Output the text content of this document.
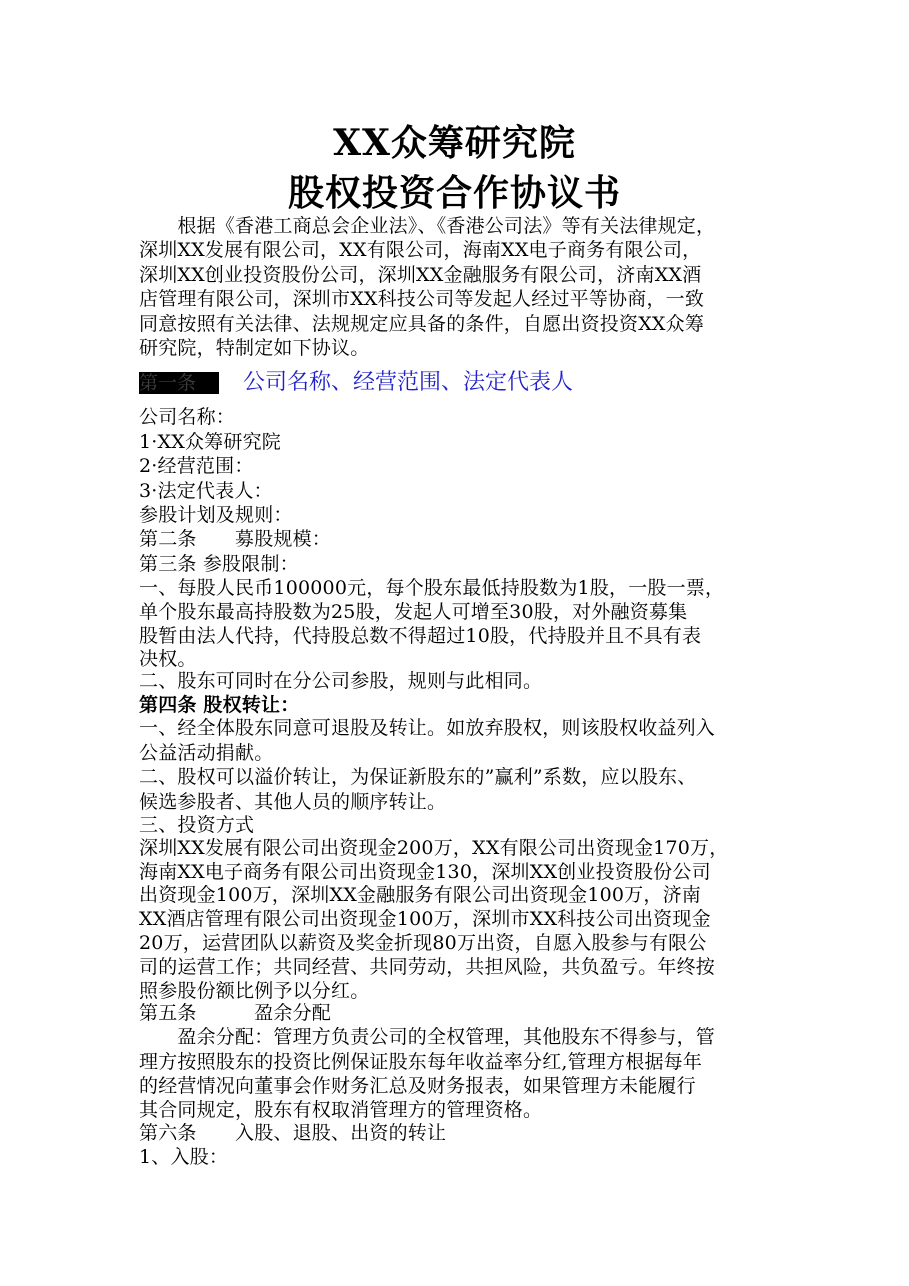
XX众筹研究院
股权投资合作协议书
　　根据《香港工商总会企业法》、《香港公司法》等有关法律规定，
深圳XX发展有限公司，XX有限公司，海南XX电子商务有限公司，
深圳XX创业投资股份公司，深圳XX金融服务有限公司，济南XX酒
店管理有限公司，深圳市XX科技公司等发起人经过平等协商，一致
同意按照有关法律、法规规定应具备的条件，自愿出资投资XX众筹
研究院，特制定如下协议。
第一条	公司名称、经营范围、法定代表人
公司名称：
1·XX众筹研究院
2·经营范围：
3·法定代表人：
参股计划及规则：
第二条　　募股规模：
第三条 参股限制：
一、每股人民币100000元，每个股东最低持股数为1股，一股一票，
单个股东最高持股数为25股，发起人可增至30股，对外融资募集
股暂由法人代持，代持股总数不得超过10股，代持股并且不具有表
决权。
二、股东可同时在分公司参股，规则与此相同。
第四条 股权转让：
一、经全体股东同意可退股及转让。如放弃股权，则该股权收益列入
公益活动捐献。
二、股权可以溢价转让，为保证新股东的”赢利”系数，应以股东、
候选参股者、其他人员的顺序转让。
三、投资方式
深圳XX发展有限公司出资现金200万，XX有限公司出资现金170万，
海南XX电子商务有限公司出资现金130，深圳XX创业投资股份公司
出资现金100万，深圳XX金融服务有限公司出资现金100万，济南
XX酒店管理有限公司出资现金100万，深圳市XX科技公司出资现金
20万，运营团队以薪资及奖金折现80万出资，自愿入股参与有限公
司的运营工作；共同经营、共同劳动，共担风险，共负盈亏。年终按
照参股份额比例予以分红。
第五条　　　盈余分配
　　盈余分配：管理方负责公司的全权管理，其他股东不得参与，管
理方按照股东的投资比例保证股东每年收益率分红,管理方根据每年
的经营情况向董事会作财务汇总及财务报表，如果管理方未能履行
其合同规定，股东有权取消管理方的管理资格。
第六条　　入股、退股、出资的转让
1、入股：
